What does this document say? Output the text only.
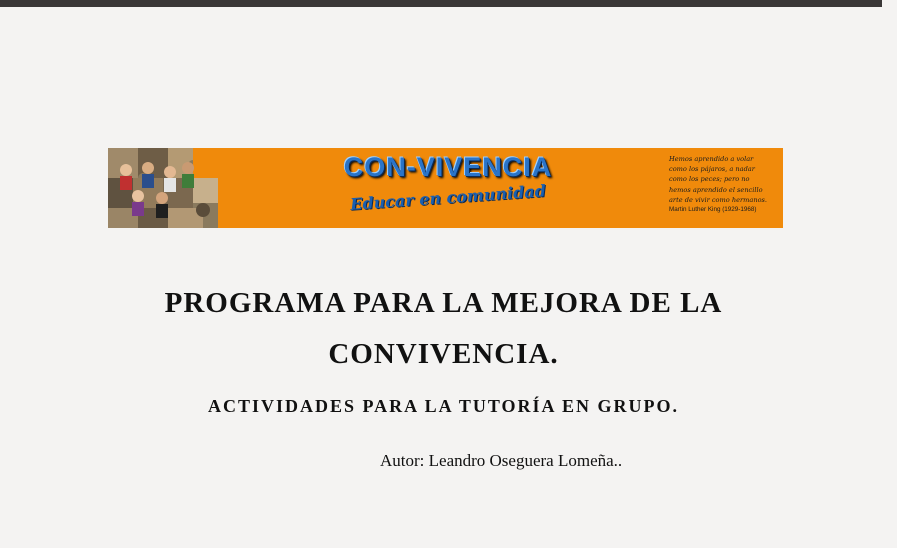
CON-VIVENCIA
Educar en comunidad
Hemos aprendido a volar
como los pájaros, a nadar
como los peces; pero no
hemos aprendido el sencillo
arte de vivir como hermanos.
Martin Luther King (1929-1968)
PROGRAMA PARA LA MEJORA DE LA
CONVIVENCIA.
ACTIVIDADES PARA LA TUTORÍA EN GRUPO.

Autor: Leandro Oseguera Lomeña..
